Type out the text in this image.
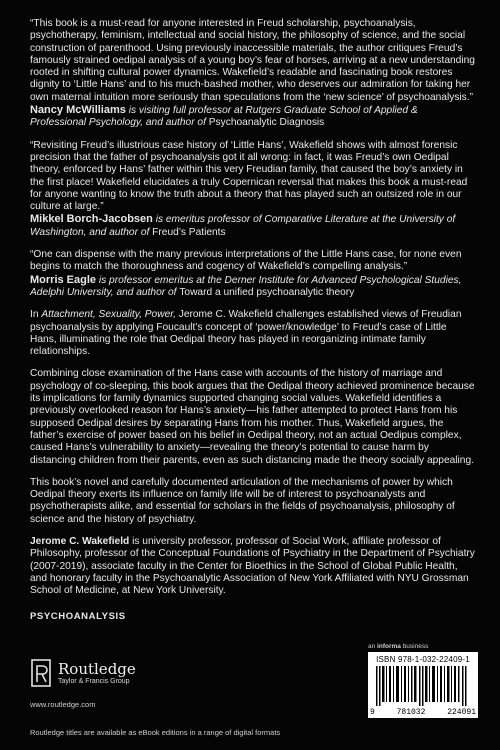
“This book is a must-read for anyone interested in Freud scholarship, psychoanalysis, psychotherapy, feminism, intellectual and social history, the philosophy of science, and the social construction of parenthood. Using previously inaccessible materials, the author critiques Freud’s famously strained oedipal analysis of a young boy’s fear of horses, arriving at a new understanding rooted in shifting cultural power dynamics. Wakefield’s readable and fascinating book restores dignity to ‘Little Hans’ and to his much-bashed mother, who deserves our admiration for taking her own maternal intuition more seriously than speculations from the ‘new science’ of psychoanalysis.”

Nancy McWilliams is visiting full professor at Rutgers Graduate School of Applied & Professional Psychology, and author of Psychoanalytic Diagnosis

“Revisiting Freud’s illustrious case history of ‘Little Hans’, Wakefield shows with almost forensic precision that the father of psychoanalysis got it all wrong: in fact, it was Freud’s own Oedipal theory, enforced by Hans’ father within this very Freudian family, that caused the boy’s anxiety in the first place! Wakefield elucidates a truly Copernican reversal that makes this book a must-read for anyone wanting to know the truth about a theory that has played such an outsized role in our culture at large.”

Mikkel Borch-Jacobsen is emeritus professor of Comparative Literature at the University of Washington, and author of Freud’s Patients

“One can dispense with the many previous interpretations of the Little Hans case, for none even begins to match the thoroughness and cogency of Wakefield’s compelling analysis.”

Morris Eagle is professor emeritus at the Derner Institute for Advanced Psychological Studies, Adelphi University, and author of Toward a unified psychoanalytic theory

In Attachment, Sexuality, Power, Jerome C. Wakefield challenges established views of Freudian psychoanalysis by applying Foucault’s concept of ‘power/knowledge’ to Freud’s case of Little Hans, illuminating the role that Oedipal theory has played in reorganizing intimate family relationships.

Combining close examination of the Hans case with accounts of the history of marriage and psychology of co-sleeping, this book argues that the Oedipal theory achieved prominence because its implications for family dynamics supported changing social values. Wakefield identifies a previously overlooked reason for Hans’s anxiety—his father attempted to protect Hans from his supposed Oedipal desires by separating Hans from his mother. Thus, Wakefield argues, the father’s exercise of power based on his belief in Oedipal theory, not an actual Oedipus complex, caused Hans’s vulnerability to anxiety—revealing the theory’s potential to cause harm by distancing children from their parents, even as such distancing made the theory socially appealing.

This book’s novel and carefully documented articulation of the mechanisms of power by which Oedipal theory exerts its influence on family life will be of interest to psychoanalysts and psychotherapists alike, and essential for scholars in the fields of psychoanalysis, philosophy of science and the history of psychiatry.

Jerome C. Wakefield is university professor, professor of Social Work, affiliate professor of Philosophy, professor of the Conceptual Foundations of Psychiatry in the Department of Psychiatry (2007-2019), associate faculty in the Center for Bioethics in the School of Global Public Health, and honorary faculty in the Psychoanalytic Association of New York Affiliated with NYU Grossman School of Medicine, at New York University.

PSYCHOANALYSIS

Routledge
Taylor & Francis Group
www.routledge.com
Routledge titles are available as eBook editions in a range of digital formats
an informa business
ISBN 978-1-032-22409-1
9	781032	224091
